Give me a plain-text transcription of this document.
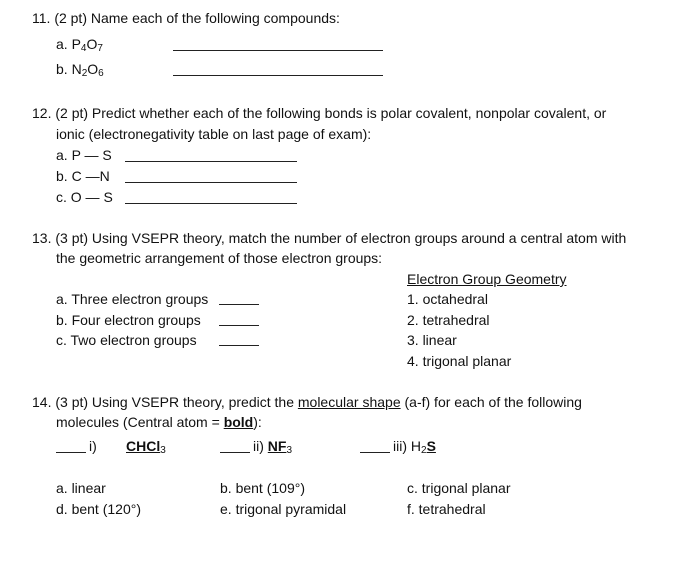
11. (2 pt) Name each of the following compounds:
a. $P_4O_7$
b. $N_2O_6$
12. (2 pt) Predict whether each of the following bonds is polar covalent, nonpolar covalent, or
ionic (electronegativity table on last page of exam):
a. P — S
b. C —N
c. O — S
13. (3 pt) Using VSEPR theory, match the number of electron groups around a central atom with
the geometric arrangement of those electron groups:
Electron Group Geometry
a. Three electron groups
b. Four electron groups
c. Two electron groups
1. octahedral
2. tetrahedral
3. linear
4. trigonal planar
14. (3 pt) Using VSEPR theory, predict the molecular shape (a-f) for each of the following
molecules (Central atom = bold):
i) CHCl$_3$	ii) $NF_3$	iii) $H_2S$
a. linear	b. bent (109°)	c. trigonal planar
d. bent (120°)	e. trigonal pyramidal	f. tetrahedral
